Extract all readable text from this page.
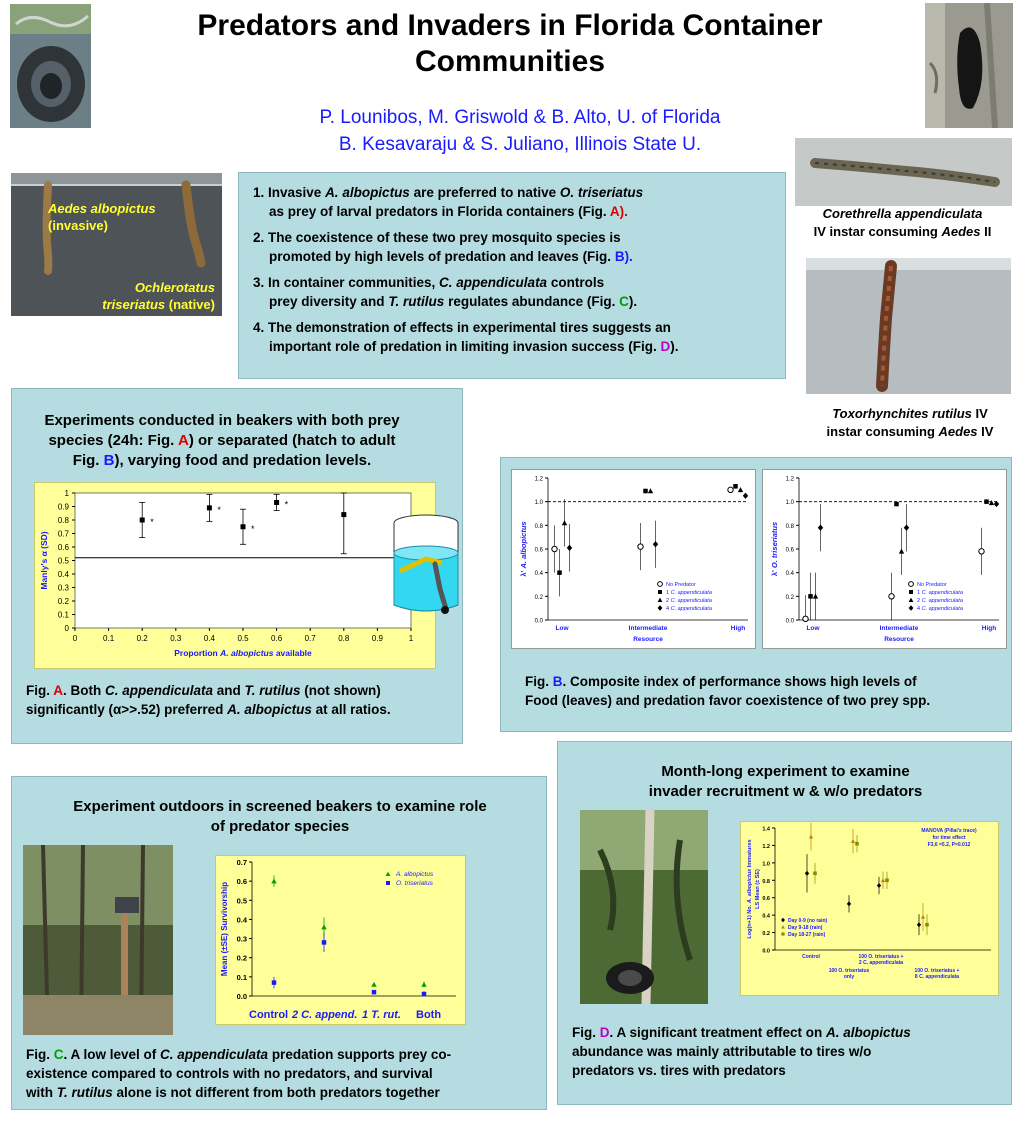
Predators and Invaders in Florida Container Communities
P. Lounibos, M. Griswold & B. Alto, U. of Florida
B. Kesavaraju & S. Juliano, Illinois State U.
Aedes albopictus
(invasive)
Ochlerotatus
triseriatus (native)
1. Invasive A. albopictus are preferred to native O. triseriatus
as prey of larval predators in Florida containers (Fig. A).
2. The coexistence of these two prey mosquito species is
promoted by high levels of predation and leaves (Fig. B).
3. In container communities, C. appendiculata controls
prey diversity and T. rutilus regulates abundance (Fig. C).
4. The demonstration of effects in experimental tires suggests an
important role of predation in limiting invasion success (Fig. D).
Corethrella appendiculata
IV instar consuming Aedes II
Toxorhynchites rutilus IV
instar consuming Aedes IV
Experiments conducted in beakers with both prey
species (24h: Fig. A) or separated (hatch to adult
Fig. B), varying food and predation levels.
0
0.1
0.2
0.3
0.4
0.5
0.6
0.7
0.8
0.9
1
0	0.1	0.2	0.3	0.4	0.5	0.6	0.7	0.8	0.9	1
*
*
*
*
Manly's α (SD)
Proportion A. albopictus available
Fig. A. Both C. appendiculata and T. rutilus (not shown)
significantly (α>>.52) preferred A. albopictus at all ratios.
0.0
0.2
0.4
0.6
0.8
1.0
1.2
Low	Intermediate	High
Resource
λ' A. albopictus
No Predator
1 C. appendiculata
2 C. appendiculata
4 C. appendiculata
0.0
0.2
0.4
0.6
0.8
1.0
1.2
Low	Intermediate	High
Resource
λ' O. triseriatus
No Predator
1 C. appendiculata
2 C. appendiculata
4 C. appendiculata
Fig. B. Composite index of performance shows high levels of
Food (leaves) and predation favor coexistence of two prey spp.
Experiment outdoors in screened beakers to examine role
of predator species
0.0
0.1
0.2
0.3
0.4
0.5
0.6
0.7
Mean (±SE) Survivorship
A. albopictus
O. triseriatus
Control 2 C. append. 1 T. rut. Both
Fig. C. A low level of C. appendiculata predation supports prey co-
existence compared to controls with no predators, and survival
with T. rutilus alone is not different from both predators together
Month-long experiment to examine
invader recruitment w & w/o predators
0.0
0.2
0.4
0.6
0.8
1.0
1.2
1.4
Log(n+1) No. A. albopictus Immatures
LS Mean (± SE)
MANOVA (Pillai's trace)
for time effect
F3,6 =5.2, P=0.012
Day 0-9 (no rain)
Day 9-18 (rain)
Day 18-27 (rain)
Control	100 O. triseriatus +
2 C. appendiculata
100 O. triseriatus
only
100 O. triseriatus +
8 C. appendiculata
Fig. D. A significant treatment effect on A. albopictus
abundance was mainly attributable to tires w/o
predators vs. tires with predators
